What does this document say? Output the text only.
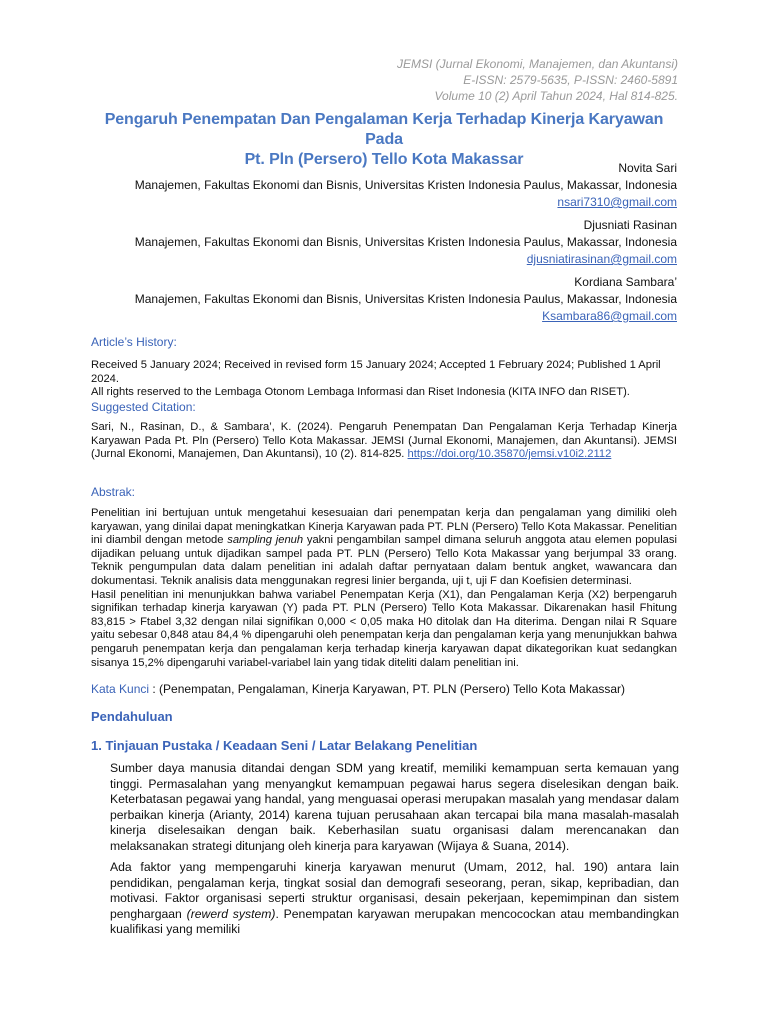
JEMSI (Jurnal Ekonomi, Manajemen, dan Akuntansi)
E-ISSN: 2579-5635, P-ISSN: 2460-5891
Volume 10 (2) April Tahun 2024, Hal 814-825.
Pengaruh Penempatan Dan Pengalaman Kerja Terhadap Kinerja Karyawan Pada
Pt. Pln (Persero) Tello Kota Makassar	Novita Sari
Manajemen, Fakultas Ekonomi dan Bisnis, Universitas Kristen Indonesia Paulus, Makassar, Indonesia
nsari7310@gmail.com
Djusniati Rasinan
Manajemen, Fakultas Ekonomi dan Bisnis, Universitas Kristen Indonesia Paulus, Makassar, Indonesia
djusniatirasinan@gmail.com
Kordiana Sambara’
Manajemen, Fakultas Ekonomi dan Bisnis, Universitas Kristen Indonesia Paulus, Makassar, Indonesia
Ksambara86@gmail.com
Article’s History:
Received 5 January 2024; Received in revised form 15 January 2024; Accepted 1 February 2024; Published 1 April 2024.
All rights reserved to the Lembaga Otonom Lembaga Informasi dan Riset Indonesia (KITA INFO dan RISET).
Suggested Citation:
Sari, N., Rasinan, D., & Sambara’, K. (2024). Pengaruh Penempatan Dan Pengalaman Kerja Terhadap Kinerja Karyawan Pada Pt. Pln (Persero) Tello Kota Makassar. JEMSI (Jurnal Ekonomi, Manajemen, dan Akuntansi). JEMSI (Jurnal Ekonomi, Manajemen, Dan Akuntansi), 10 (2). 814-825. https://doi.org/10.35870/jemsi.v10i2.2112
Abstrak:
Penelitian ini bertujuan untuk mengetahui kesesuaian dari penempatan kerja dan pengalaman yang dimiliki oleh karyawan, yang dinilai dapat meningkatkan Kinerja Karyawan pada PT. PLN (Persero) Tello Kota Makassar. Penelitian ini diambil dengan metode sampling jenuh yakni pengambilan sampel dimana seluruh anggota atau elemen populasi dijadikan peluang untuk dijadikan sampel pada PT. PLN (Persero) Tello Kota Makassar yang berjumpal 33 orang. Teknik pengumpulan data dalam penelitian ini adalah daftar pernyataan dalam bentuk angket, wawancara dan dokumentasi. Teknik analisis data menggunakan regresi linier berganda, uji t, uji F dan Koefisien determinasi.
Hasil penelitian ini menunjukkan bahwa variabel Penempatan Kerja (X1), dan Pengalaman Kerja (X2) berpengaruh signifikan terhadap kinerja karyawan (Y) pada PT. PLN (Persero) Tello Kota Makassar. Dikarenakan hasil Fhitung 83,815 > Ftabel 3,32 dengan nilai signifikan 0,000 < 0,05 maka H0 ditolak dan Ha diterima. Dengan nilai R Square yaitu sebesar 0,848 atau 84,4 % dipengaruhi oleh penempatan kerja dan pengalaman kerja yang menunjukkan bahwa pengaruh penempatan kerja dan pengalaman kerja terhadap kinerja karyawan dapat dikategorikan kuat sedangkan sisanya 15,2% dipengaruhi variabel-variabel lain yang tidak diteliti dalam penelitian ini.
Kata Kunci : (Penempatan, Pengalaman, Kinerja Karyawan, PT. PLN (Persero) Tello Kota Makassar)
Pendahuluan
1. Tinjauan Pustaka / Keadaan Seni / Latar Belakang Penelitian
Sumber daya manusia ditandai dengan SDM yang kreatif, memiliki kemampuan serta kemauan yang tinggi. Permasalahan yang menyangkut kemampuan pegawai harus segera diselesikan dengan baik. Keterbatasan pegawai yang handal, yang menguasai operasi merupakan masalah yang mendasar dalam perbaikan kinerja (Arianty, 2014) karena tujuan perusahaan akan tercapai bila mana masalah-masalah kinerja diselesaikan dengan baik. Keberhasilan suatu organisasi dalam merencanakan dan melaksanakan strategi ditunjang oleh kinerja para karyawan (Wijaya & Suana, 2014).
Ada faktor yang mempengaruhi kinerja karyawan menurut (Umam, 2012, hal. 190) antara lain pendidikan, pengalaman kerja, tingkat sosial dan demografi seseorang, peran, sikap, kepribadian, dan motivasi. Faktor organisasi seperti struktur organisasi, desain pekerjaan, kepemimpinan dan sistem penghargaan (rewerd system). Penempatan karyawan merupakan mencocockan atau membandingkan kualifikasi yang memiliki
